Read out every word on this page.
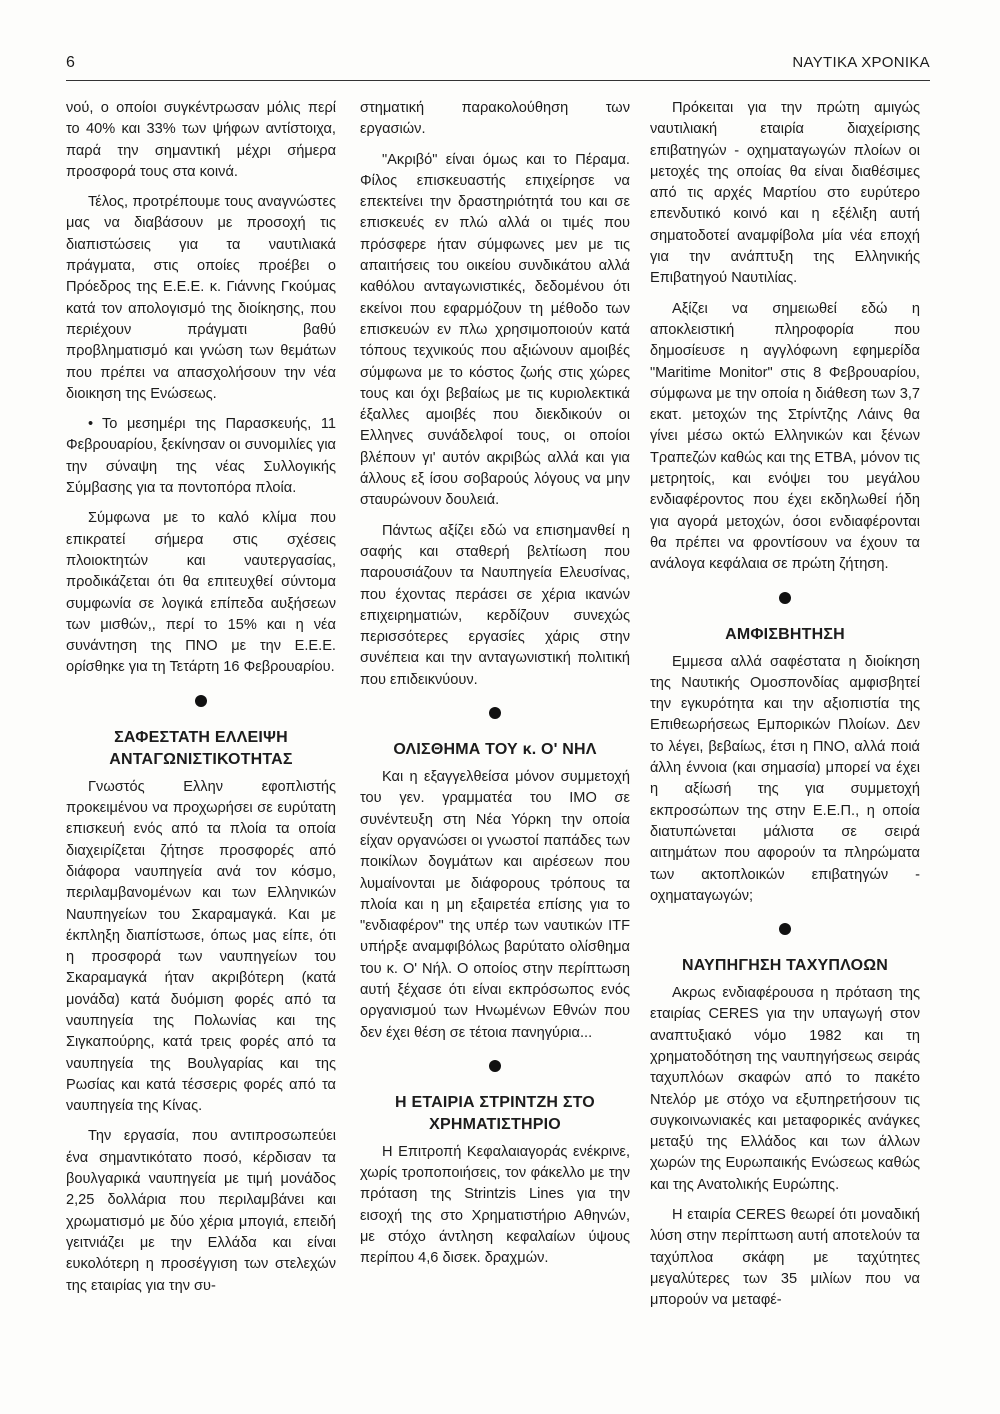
6	ΝΑΥΤΙΚΑ ΧΡΟΝΙΚΑ

νού, ο οποίοι συγκέντρωσαν μόλις περί το 40% και 33% των ψήφων αντίστοιχα, παρά την σημαντική μέχρι σήμερα προσφορά τους στα κοινά.

Τέλος, προτρέπουμε τους αναγνώστες μας να διαβάσουν με προσοχή τις διαπιστώσεις για τα ναυτιλιακά πράγματα, στις οποίες προέβει ο Πρόεδρος της Ε.Ε.Ε. κ. Γιάννης Γκούμας κατά τον απολογισμό της διοίκησης, που περιέχουν πράγματι βαθύ προβληματισμό και γνώση των θεμάτων που πρέπει να απασχολήσουν την νέα διοικηση της Ενώσεως.

• Το μεσημέρι της Παρασκευής, 11 Φεβρουαρίου, ξεκίνησαν οι συνομιλίες για την σύναψη της νέας Συλλογικής Σύμβασης για τα ποντοπόρα πλοία.

Σύμφωνα με το καλό κλίμα που επικρατεί σήμερα στις σχέσεις πλοιοκτητών και ναυτεργασίας, προδικάζεται ότι θα επιτευχθεί σύντομα συμφωνία σε λογικά επίπεδα αυξήσεων των μισθών,, περί το 15% και η νέα συνάντηση της ΠΝΟ με την Ε.Ε.Ε. ορίσθηκε για τη Τετάρτη 16 Φεβρουαρίου.

ΣΑΦΕΣΤΑΤΗ ΕΛΛΕΙΨΗ ΑΝΤΑΓΩΝΙΣΤΙΚΟΤΗΤΑΣ

Γνωστός Ελλην εφοπλιστής προκειμένου να προχωρήσει σε ευρύτατη επισκευή ενός από τα πλοία τα οποία διαχειρίζεται ζήτησε προσφορές από διάφορα ναυπηγεία ανά τον κόσμο, περιλαμβανομένων και των Ελληνικών Ναυπηγείων του Σκαραμαγκά. Και με έκπληξη διαπίστωσε, όπως μας είπε, ότι η προσφορά των ναυπηγείων του Σκαραμαγκά ήταν ακριβότερη (κατά μονάδα) κατά δυόμιση φορές από τα ναυπηγεία της Πολωνίας και της Σιγκαπούρης, κατά τρεις φορές από τα ναυπηγεία της Βουλγαρίας και της Ρωσίας και κατά τέσσερις φορές από τα ναυπηγεία της Κίνας.

Την εργασία, που αντιπροσωπεύει ένα σημαντικότατο ποσό, κέρδισαν τα βουλγαρικά ναυπηγεία με τιμή μονάδος 2,25 δολλάρια που περιλαμβάνει και χρωματισμό με δύο χέρια μπογιά, επειδή γειτνιάζει με την Ελλάδα και είναι ευκολότερη η προσέγγιση των στελεχών της εταιρίας για την συ-

στηματική παρακολούθηση των εργασιών.

"Ακριβό" είναι όμως και το Πέραμα. Φίλος επισκευαστής επιχείρησε να επεκτείνει την δραστηριότητά του και σε επισκευές εν πλώ αλλά οι τιμές που πρόσφερε ήταν σύμφωνες μεν με τις απαιτήσεις του οικείου συνδικάτου αλλά καθόλου ανταγωνιστικές, δεδομένου ότι εκείνοι που εφαρμόζουν τη μέθοδο των επισκευών εν πλω χρησιμοποιούν κατά τόπους τεχνικούς που αξιώνουν αμοιβές σύμφωνα με το κόστος ζωής στις χώρες τους και όχι βεβαίως με τις κυριολεκτικά έξαλλες αμοιβές που διεκδικούν οι Ελληνες συνάδελφοί τους, οι οποίοι βλέπουν γι' αυτόν ακριβώς αλλά και για άλλους εξ ίσου σοβαρούς λόγους να μην σταυρώνουν δουλειά.

Πάντως αξίζει εδώ να επισημανθεί η σαφής και σταθερή βελτίωση που παρουσιάζουν τα Ναυπηγεία Ελευσίνας, που έχοντας περάσει σε χέρια ικανών επιχειρηματιών, κερδίζουν συνεχώς περισσότερες εργασίες χάρις στην συνέπεια και την ανταγωνιστική πολιτική που επιδεικνύουν.

ΟΛΙΣΘΗΜΑ ΤΟΥ κ. Ο' ΝΗΛ

Και η εξαγγελθείσα μόνον συμμετοχή του γεν. γραμματέα του ΙΜΟ σε συνέντευξη στη Νέα Υόρκη την οποία είχαν οργανώσει οι γνωστοί παπάδες των ποικίλων δογμάτων και αιρέσεων που λυμαίνονται με διάφορους τρόπους τα πλοία και η μη εξαιρετέα επίσης για το "ενδιαφέρον" της υπέρ των ναυτικών ITF υπήρξε αναμφιβόλως βαρύτατο ολίσθημα του κ. Ο' Νήλ. Ο οποίος στην περίπτωση αυτή ξέχασε ότι είναι εκπρόσωπος ενός οργανισμού των Ηνωμένων Εθνών που δεν έχει θέση σε τέτοια πανηγύρια...

Η ΕΤΑΙΡΙΑ ΣΤΡΙΝΤΖΗ ΣΤΟ ΧΡΗΜΑΤΙΣΤΗΡΙΟ

Η Επιτροπή Κεφαλαιαγοράς ενέκρινε, χωρίς τροποποιήσεις, τον φάκελλο με την πρόταση της Strintzis Lines για την εισοχή της στο Χρηματιστήριο Αθηνών, με στόχο άντληση κεφαλαίων ύψους περίπου 4,6 δισεκ. δραχμών.

Πρόκειται για την πρώτη αμιγώς ναυτιλιακή εταιρία διαχείρισης επιβατηγών - οχηματαγωγών πλοίων οι μετοχές της οποίας θα είναι διαθέσιμες από τις αρχές Μαρτίου στο ευρύτερο επενδυτικό κοινό και η εξέλιξη αυτή σηματοδοτεί αναμφίβολα μία νέα εποχή για την ανάπτυξη της Ελληνικής Επιβατηγού Ναυτιλίας.

Αξίζει να σημειωθεί εδώ η αποκλειστική πληροφορία που δημοσίευσε η αγγλόφωνη εφημερίδα "Maritime Monitor" στις 8 Φεβρουαρίου, σύμφωνα με την οποία η διάθεση των 3,7 εκατ. μετοχών της Στρίντζης Λάινς θα γίνει μέσω οκτώ Ελληνικών και ξένων Τραπεζών καθώς και της ΕΤΒΑ, μόνον τις μετρητοίς, και ενόψει του μεγάλου ενδιαφέροντος που έχει εκδηλωθεί ήδη για αγορά μετοχών, όσοι ενδιαφέρονται θα πρέπει να φροντίσουν να έχουν τα ανάλογα κεφάλαια σε πρώτη ζήτηση.

ΑΜΦΙΣΒΗΤΗΣΗ

Εμμεσα αλλά σαφέστατα η διοίκηση της Ναυτικής Ομοσπονδίας αμφισβητεί την εγκυρότητα και την αξιοπιστία της Επιθεωρήσεως Εμπορικών Πλοίων. Δεν το λέγει, βεβαίως, έτσι η ΠΝΟ, αλλά ποιά άλλη έννοια (και σημασία) μπορεί να έχει η αξίωσή της για συμμετοχή εκπροσώπων της στην Ε.Ε.Π., η οποία διατυπώνεται μάλιστα σε σειρά αιτημάτων που αφορούν τα πληρώματα των ακτοπλοικών επιβατηγών - οχηματαγωγών;

ΝΑΥΠΗΓΗΣΗ ΤΑΧΥΠΛΟΩΝ

Ακρως ενδιαφέρουσα η πρόταση της εταιρίας CERES για την υπαγωγή στον αναπτυξιακό νόμο 1982 και τη χρηματοδότηση της ναυπηγήσεως σειράς ταχυπλόων σκαφών από το πακέτο Ντελόρ με στόχο να εξυπηρετήσουν τις συγκοινωνιακές και μεταφορικές ανάγκες μεταξύ της Ελλάδος και των άλλων χωρών της Ευρωπαικής Ενώσεως καθώς και της Ανατολικής Ευρώπης.

Η εταιρία CERES θεωρεί ότι μοναδική λύση στην περίπτωση αυτή αποτελούν τα ταχύπλοα σκάφη με ταχύτητες μεγαλύτερες των 35 μιλίων που να μπορούν να μεταφέ-
